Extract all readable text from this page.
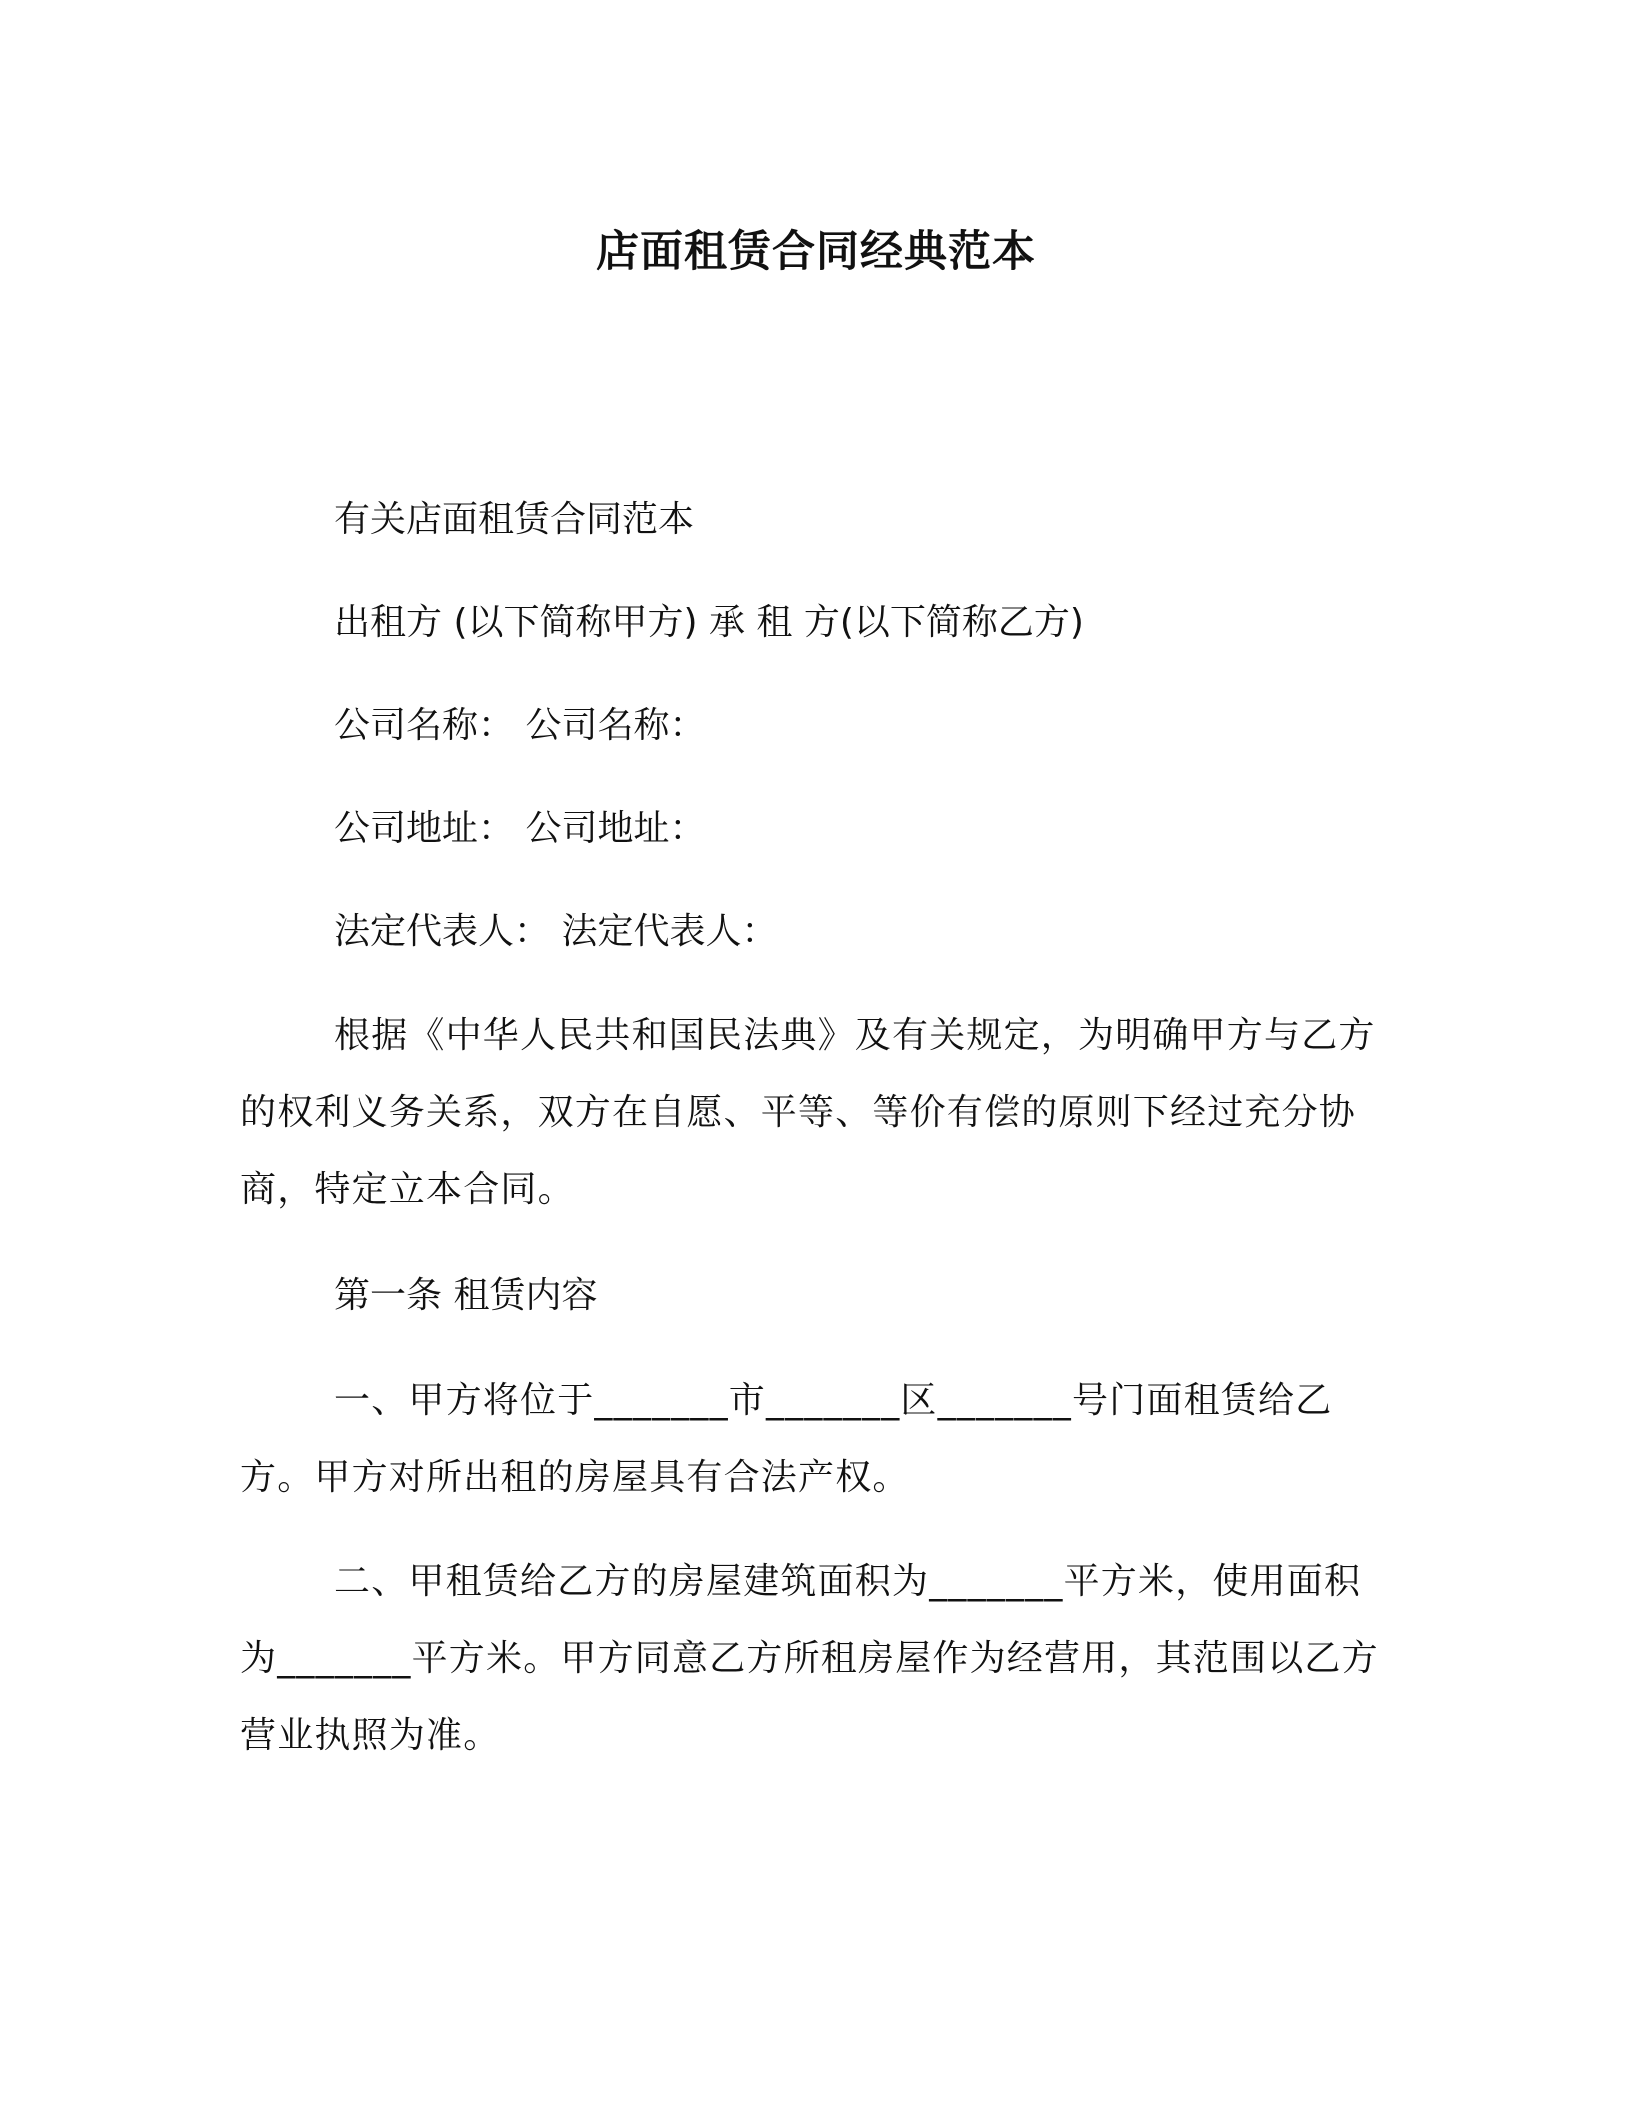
店面租赁合同经典范本
有关店面租赁合同范本
出租方 (以下简称甲方) 承 租 方(以下简称乙方)
公司名称： 公司名称：
公司地址： 公司地址：
法定代表人： 法定代表人：
根据《中华人民共和国民法典》及有关规定，为明确甲方与乙方的权利义务关系，双方在自愿、平等、等价有偿的原则下经过充分协商，特定立本合同。
第一条 租赁内容
一、甲方将位于_______市_______区_______号门面租赁给乙方。甲方对所出租的房屋具有合法产权。
二、甲租赁给乙方的房屋建筑面积为_______平方米，使用面积为_______平方米。甲方同意乙方所租房屋作为经营用，其范围以乙方营业执照为准。
